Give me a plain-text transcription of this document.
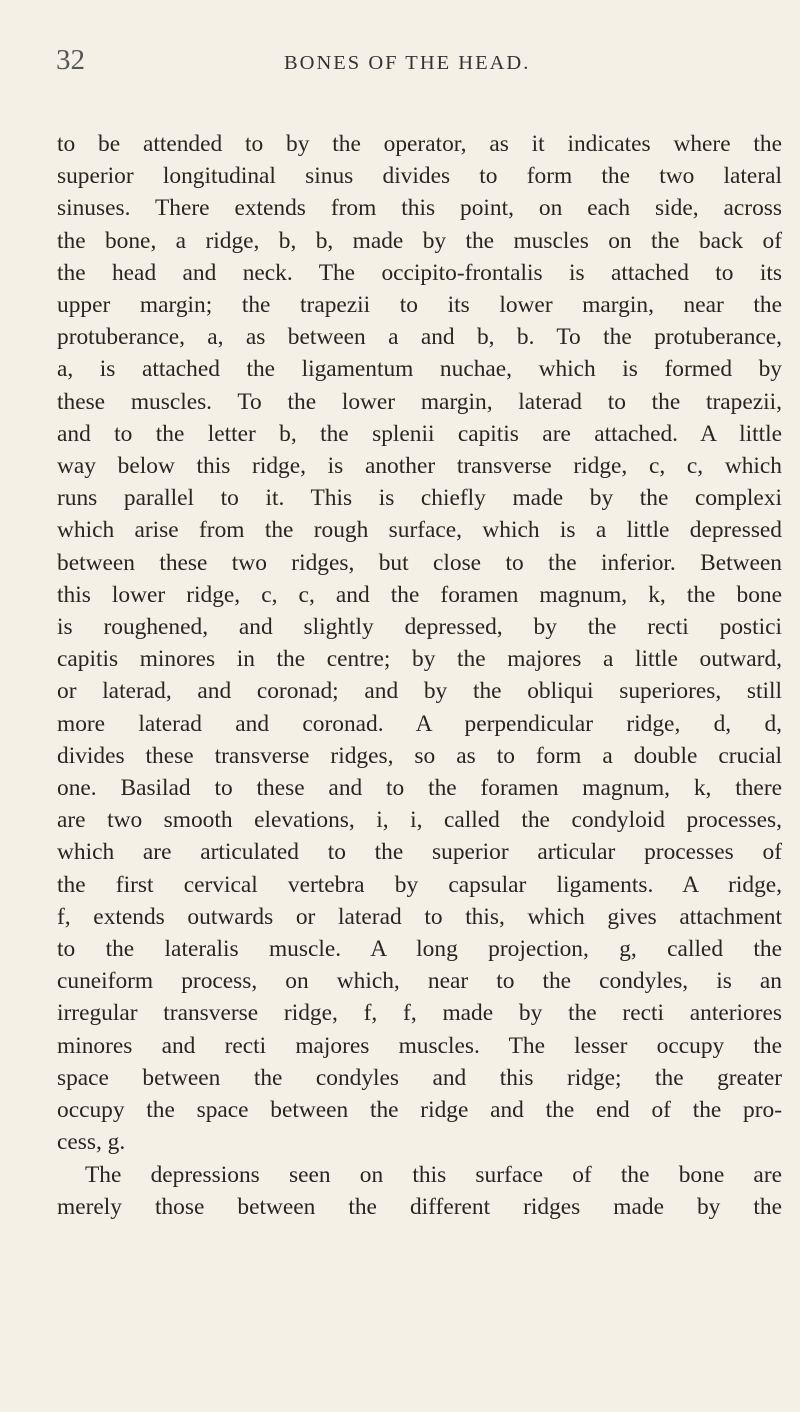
32	BONES OF THE HEAD.
to be attended to by the operator, as it indicates where the
superior longitudinal sinus divides to form the two lateral
sinuses. There extends from this point, on each side, across
the bone, a ridge, b, b, made by the muscles on the back of
the head and neck. The occipito-frontalis is attached to its
upper margin; the trapezii to its lower margin, near the
protuberance, a, as between a and b, b. To the protuberance,
a, is attached the ligamentum nuchae, which is formed by
these muscles. To the lower margin, laterad to the trapezii,
and to the letter b, the splenii capitis are attached. A little
way below this ridge, is another transverse ridge, c, c, which
runs parallel to it. This is chiefly made by the complexi
which arise from the rough surface, which is a little depressed
between these two ridges, but close to the inferior. Between
this lower ridge, c, c, and the foramen magnum, k, the bone
is roughened, and slightly depressed, by the recti postici
capitis minores in the centre; by the majores a little outward,
or laterad, and coronad; and by the obliqui superiores, still
more laterad and coronad. A perpendicular ridge, d, d,
divides these transverse ridges, so as to form a double crucial
one. Basilad to these and to the foramen magnum, k, there
are two smooth elevations, i, i, called the condyloid processes,
which are articulated to the superior articular processes of
the first cervical vertebra by capsular ligaments. A ridge,
f, extends outwards or laterad to this, which gives attachment
to the lateralis muscle. A long projection, g, called the
cuneiform process, on which, near to the condyles, is an
irregular transverse ridge, f, f, made by the recti anteriores
minores and recti majores muscles. The lesser occupy the
space between the condyles and this ridge; the greater
occupy the space between the ridge and the end of the pro-
cess, g.
The depressions seen on this surface of the bone are
merely those between the different ridges made by the
